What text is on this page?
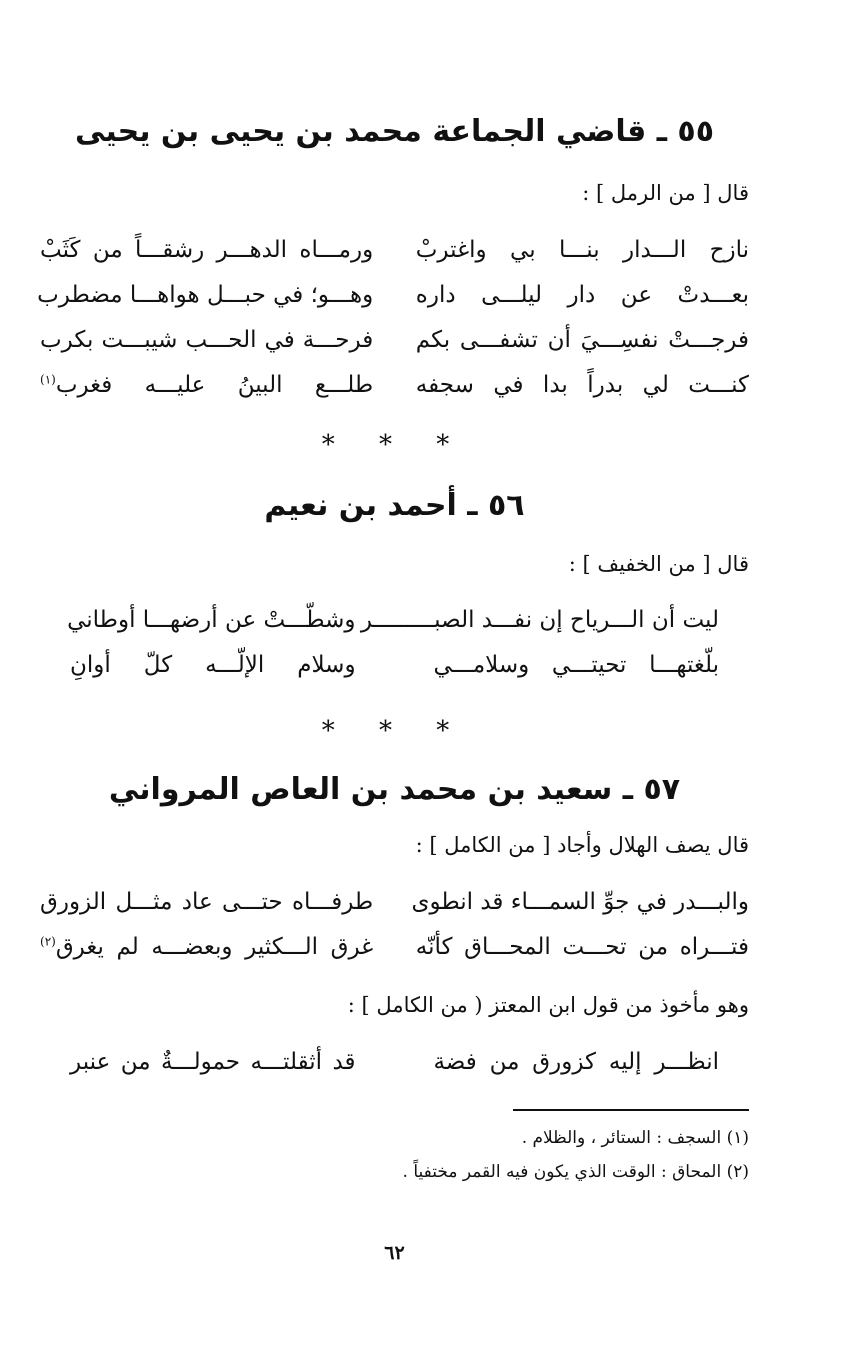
٥٥ ـ قاضي الجماعة محمد بن يحيى بن يحيى
قال [ من الرمل ] :
نازح الـــدار بنـــا بي واغتربْ
ورمـــاه الدهـــر رشقـــاً من كَثَبْ
بعـــدتْ عن دار ليلـــى داره
وهـــو؛ في حبـــل هواهـــا مضطرب
فرجـــتْ نفسِـــيَ أن تشفـــى بكم
فرحـــة في الحـــب شيبـــت بكرب
كنـــت لي بدراً بدا في سجفه
طلـــع البينُ عليـــه فغرب$^{(١)}$
* * *
٥٦ ـ أحمد بن نعيم
قال [ من الخفيف ] :
ليت أن الـــرياح إن نفـــد الصبـــــــــر
وشطّـــتْ عن أرضهـــا أوطاني
بلّغتهـــا تحيتـــي وسلامـــي
وسلام الإلّـــه كلّ أوانِ
* * *
٥٧ ـ سعيد بن محمد بن العاص المرواني
قال يصف الهلال وأجاد [ من الكامل ] :
والبـــدر في جوِّ السمـــاء قد انطوى
طرفـــاه حتـــى عاد مثـــل الزورق
فتـــراه من تحـــت المحـــاق كأنّه
غرق الـــكثير وبعضـــه لم يغرق$^{(٢)}$
وهو مأخوذ من قول ابن المعتز ( من الكامل ] :
انظـــر إليه كزورق من فضة
قد أثقلتـــه حمولـــةٌ من عنبر
(١) السجف : الستائر ، والظلام .
(٢) المحاق : الوقت الذي يكون فيه القمر مختفياً .
٦٢
